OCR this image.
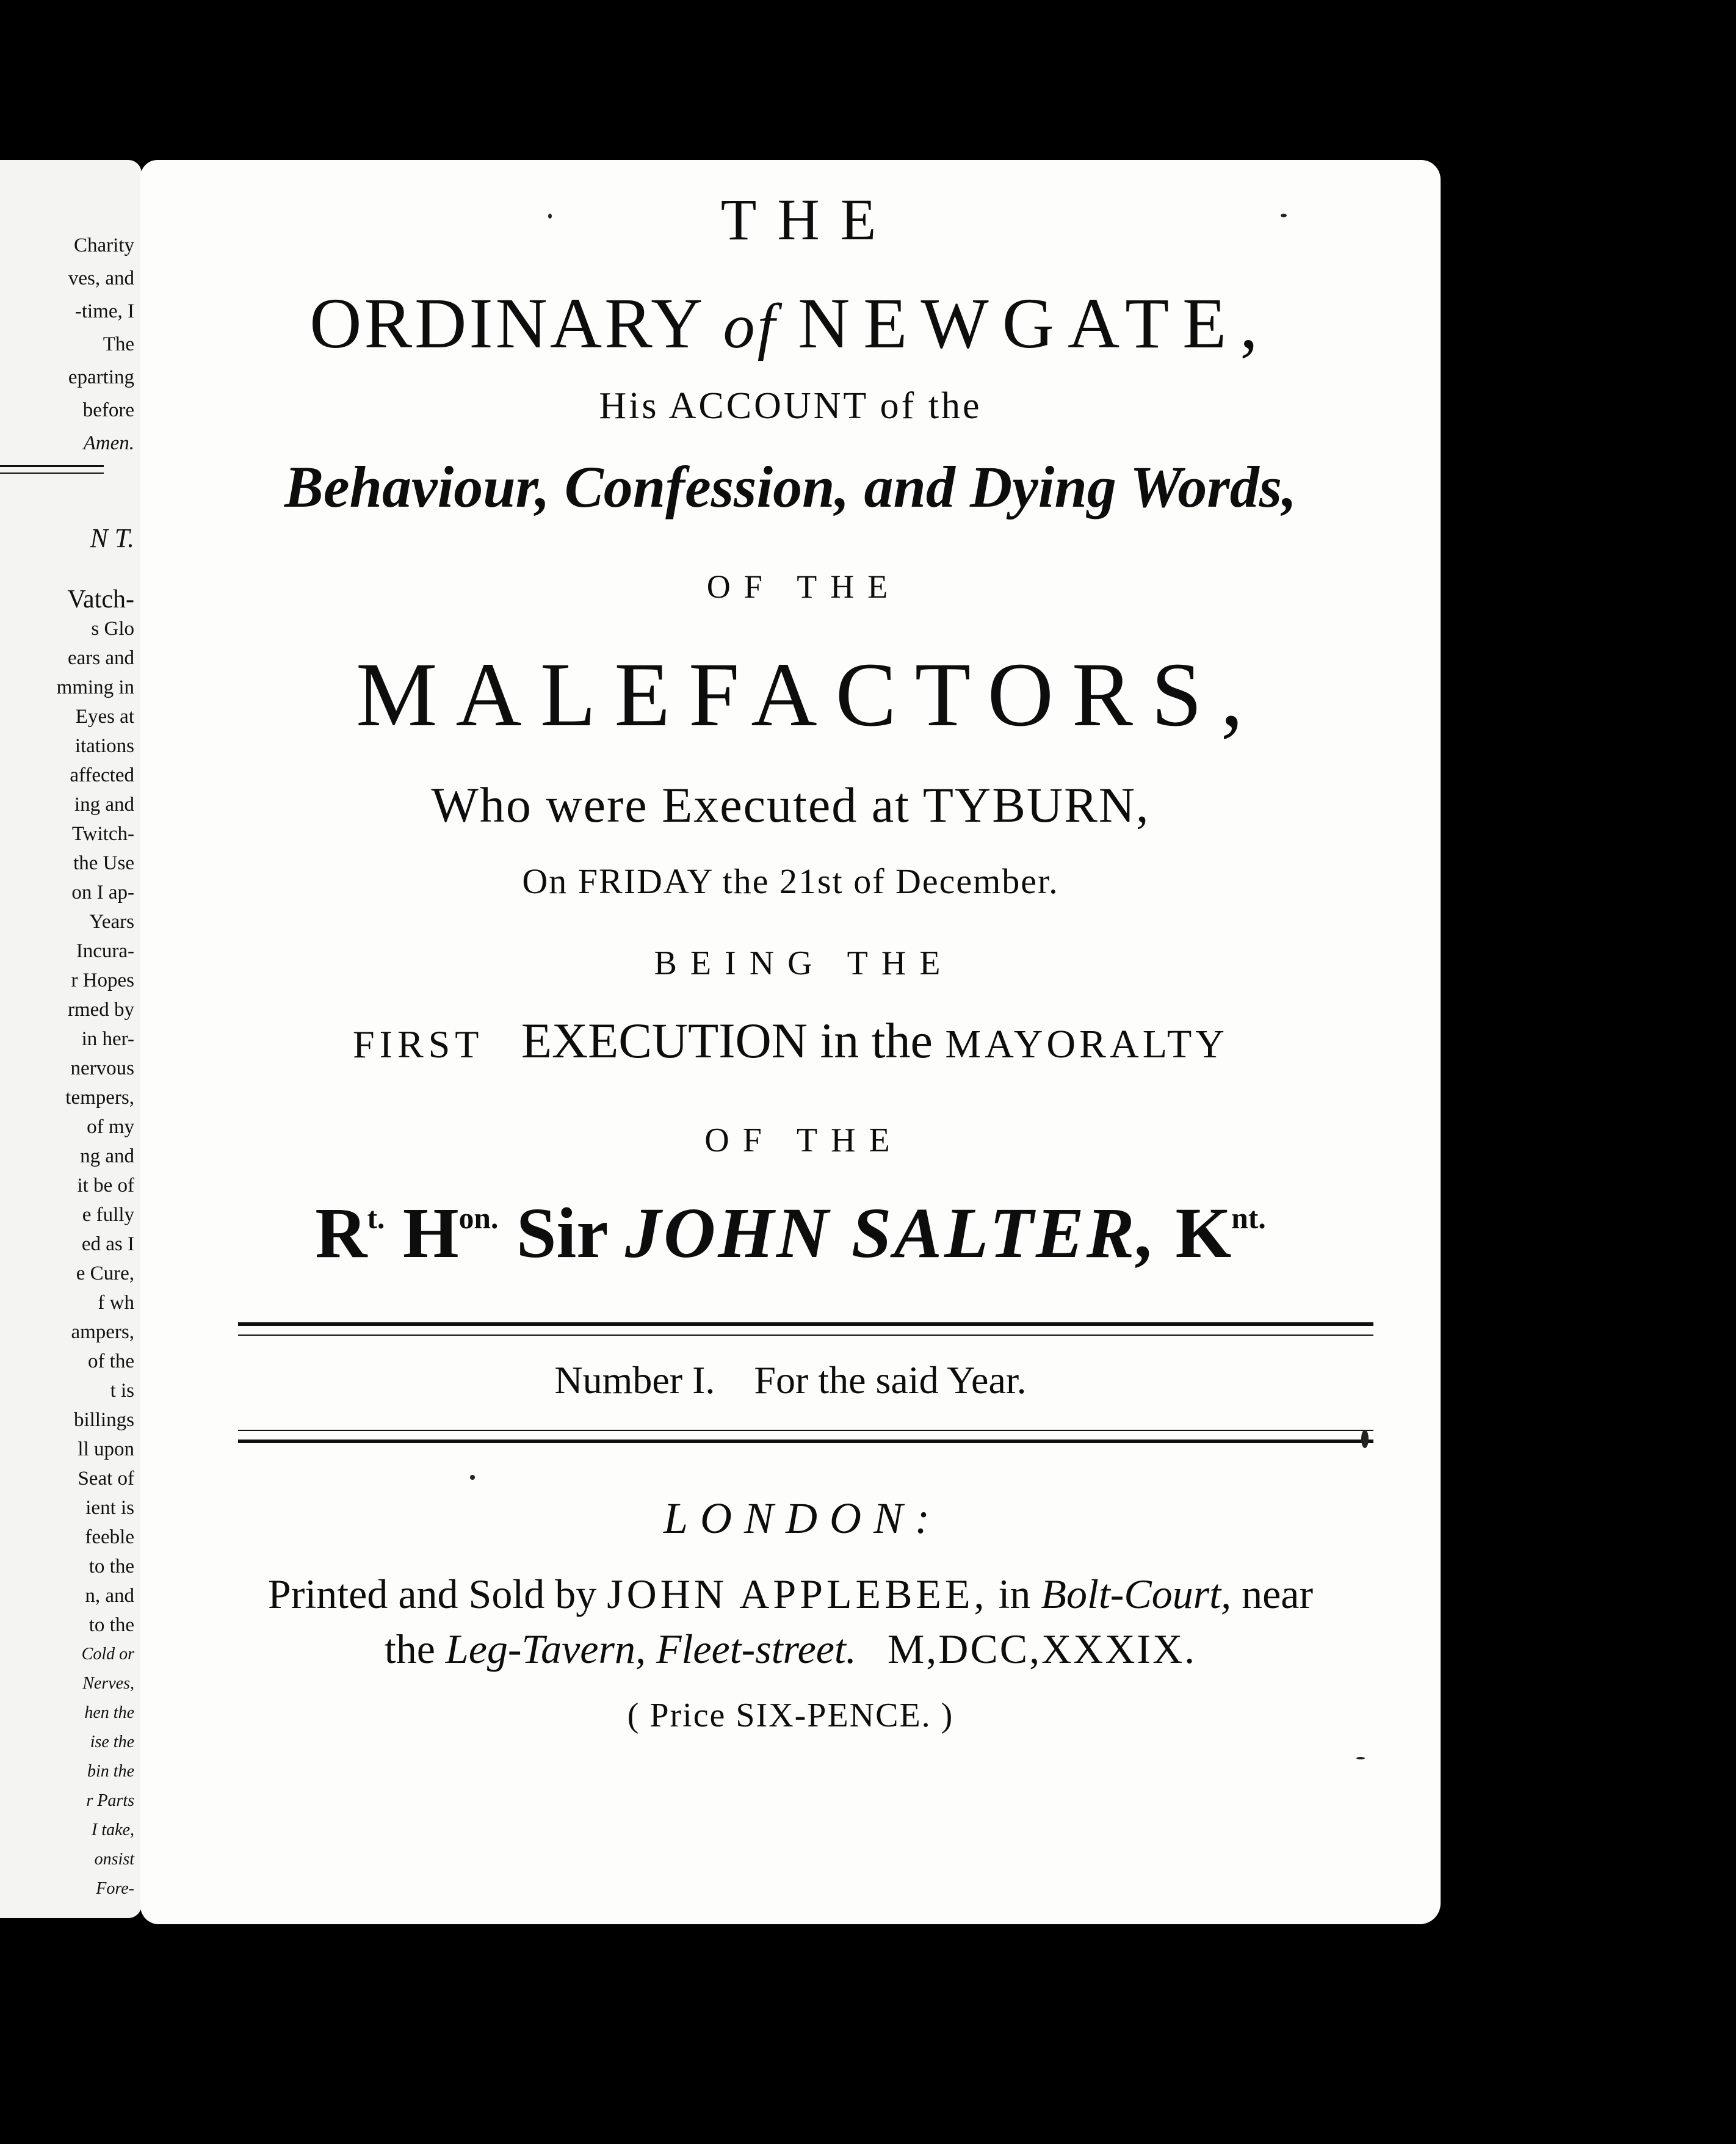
Charity
ves, and
-time, I
The
eparting
before
Amen.
N T.
Vatch-
s Glo
ears and
mming in
Eyes at
itations
affected
ing and
Twitch-
the Use
on I ap-
Years
Incura-
r Hopes
rmed by
in her-
nervous
tempers,
of my
ng and
it be of
e fully
ed as I
e Cure,
f wh
ampers,
of the
t is
billings
ll upon
Seat of
ient is
feeble
to the
n, and
to the
Cold or
Nerves,
hen the
ise the
bin the
r Parts
I take,
onsist
Fore-
THE
ORDINARY of NEWGATE,
His ACCOUNT of the
Behaviour, Confession, and Dying Words,
OF THE
MALEFACTORS,
Who were Executed at TYBURN,
On FRIDAY the 21st of December.
BEING THE
FIRST EXECUTION in the MAYORALTY
OF THE
$R^{t.}$ $H^{on.}$ Sir JOHN SALTER, $K^{nt.}$
Number I. For the said Year.
LONDON:
Printed and Sold by JOHN APPLEBEE, in Bolt-Court, near
the Leg-Tavern, Fleet-street. M,DCC,XXXIX.
( Price SIX-PENCE. )
